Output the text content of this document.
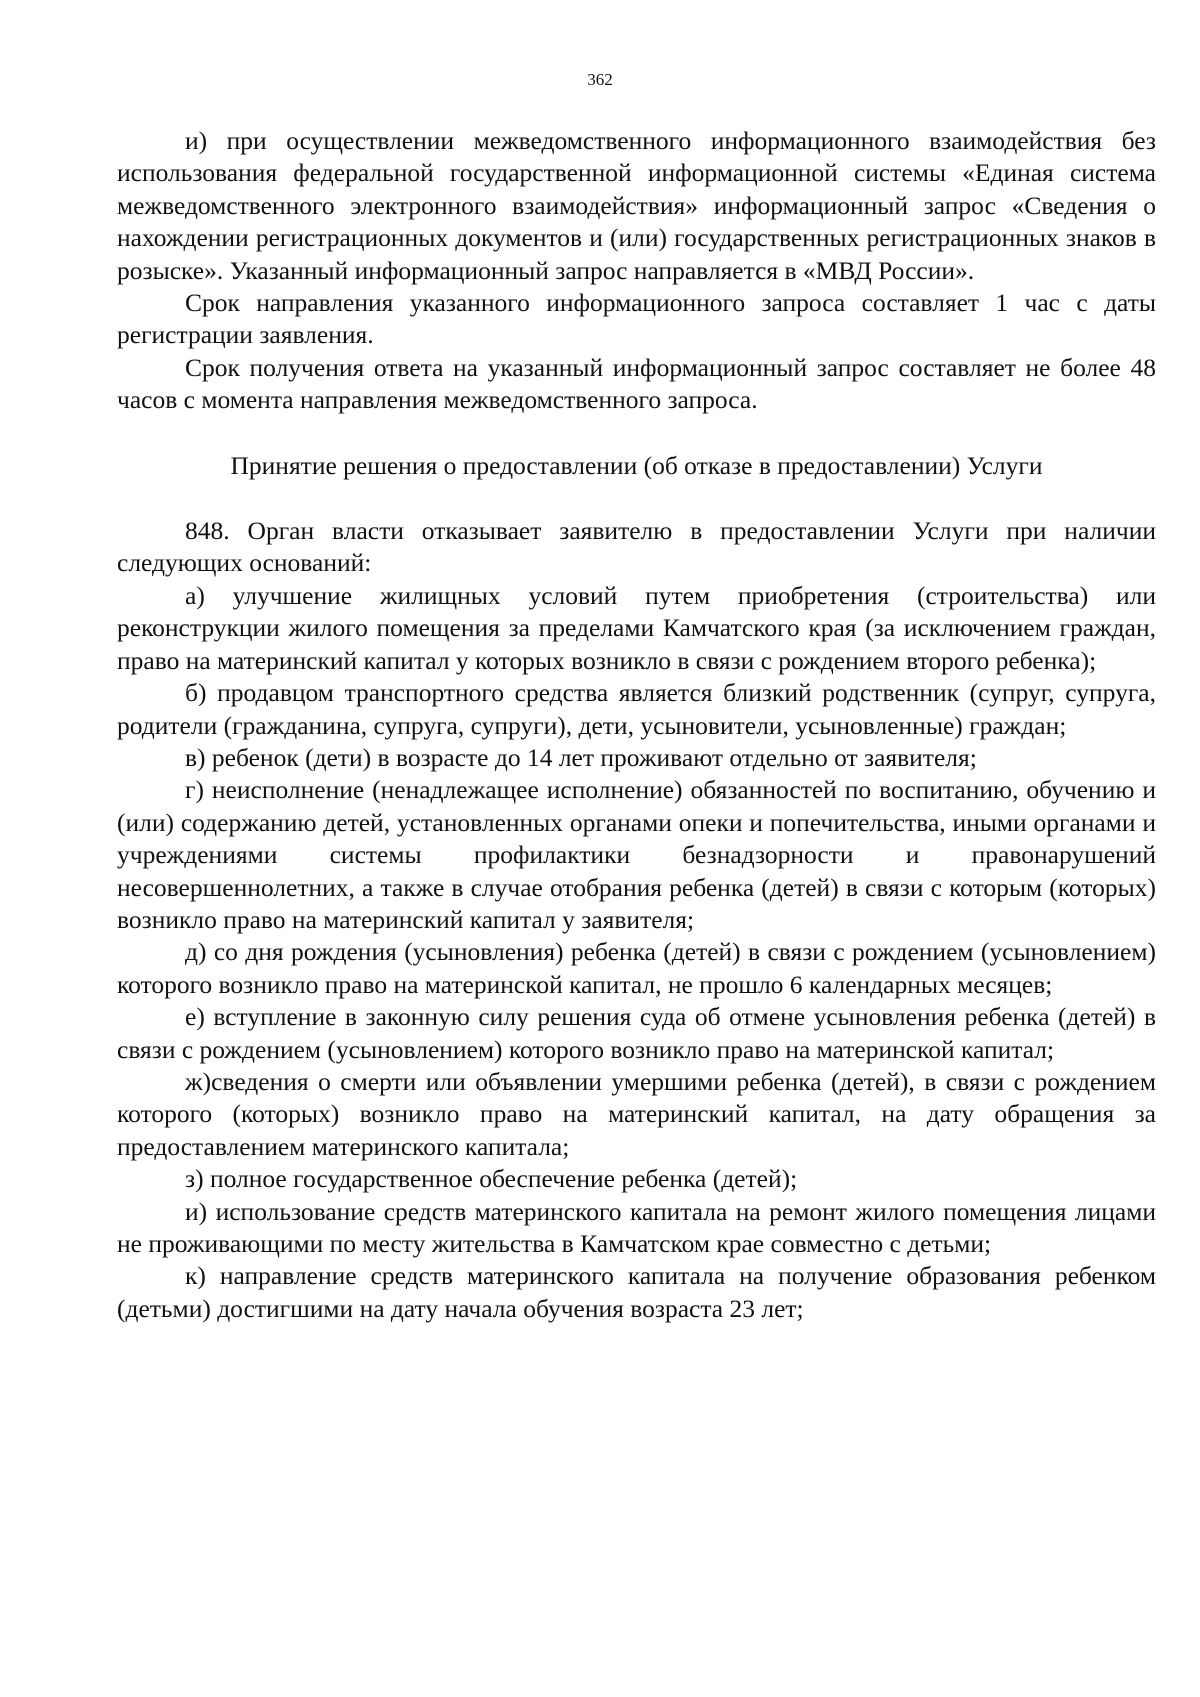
362

и) при осуществлении межведомственного информационного взаимодействия без использования федеральной государственной информационной системы «Единая система межведомственного электронного взаимодействия» информационный запрос «Сведения о нахождении регистрационных документов и (или) государственных регистрационных знаков в розыске». Указанный информационный запрос направляется в «МВД России».

Срок направления указанного информационного запроса составляет 1 час с даты регистрации заявления.

Срок получения ответа на указанный информационный запрос составляет не более 48 часов с момента направления межведомственного запроса.

Принятие решения о предоставлении (об отказе в предоставлении) Услуги

848. Орган власти отказывает заявителю в предоставлении Услуги при наличии следующих оснований:

а) улучшение жилищных условий путем приобретения (строительства) или реконструкции жилого помещения за пределами Камчатского края (за исключением граждан, право на материнский капитал у которых возникло в связи с рождением второго ребенка);

б) продавцом транспортного средства является близкий родственник (супруг, супруга, родители (гражданина, супруга, супруги), дети, усыновители, усыновленные) граждан;

в) ребенок (дети) в возрасте до 14 лет проживают отдельно от заявителя;

г) неисполнение (ненадлежащее исполнение) обязанностей по воспитанию, обучению и (или) содержанию детей, установленных органами опеки и попечительства, иными органами и учреждениями системы профилактики безнадзорности и правонарушений несовершеннолетних, а также в случае отобрания ребенка (детей) в связи с которым (которых) возникло право на материнский капитал у заявителя;

д) со дня рождения (усыновления) ребенка (детей) в связи с рождением (усыновлением) которого возникло право на материнской капитал, не прошло 6 календарных месяцев;

е) вступление в законную силу решения суда об отмене усыновления ребенка (детей) в связи с рождением (усыновлением) которого возникло право на материнской капитал;

ж)сведения о смерти или объявлении умершими ребенка (детей), в связи с рождением которого (которых) возникло право на материнский капитал, на дату обращения за предоставлением материнского капитала;

з) полное государственное обеспечение ребенка (детей);

и) использование средств материнского капитала на ремонт жилого помещения лицами не проживающими по месту жительства в Камчатском крае совместно с детьми;

к) направление средств материнского капитала на получение образования ребенком (детьми) достигшими на дату начала обучения возраста 23 лет;
